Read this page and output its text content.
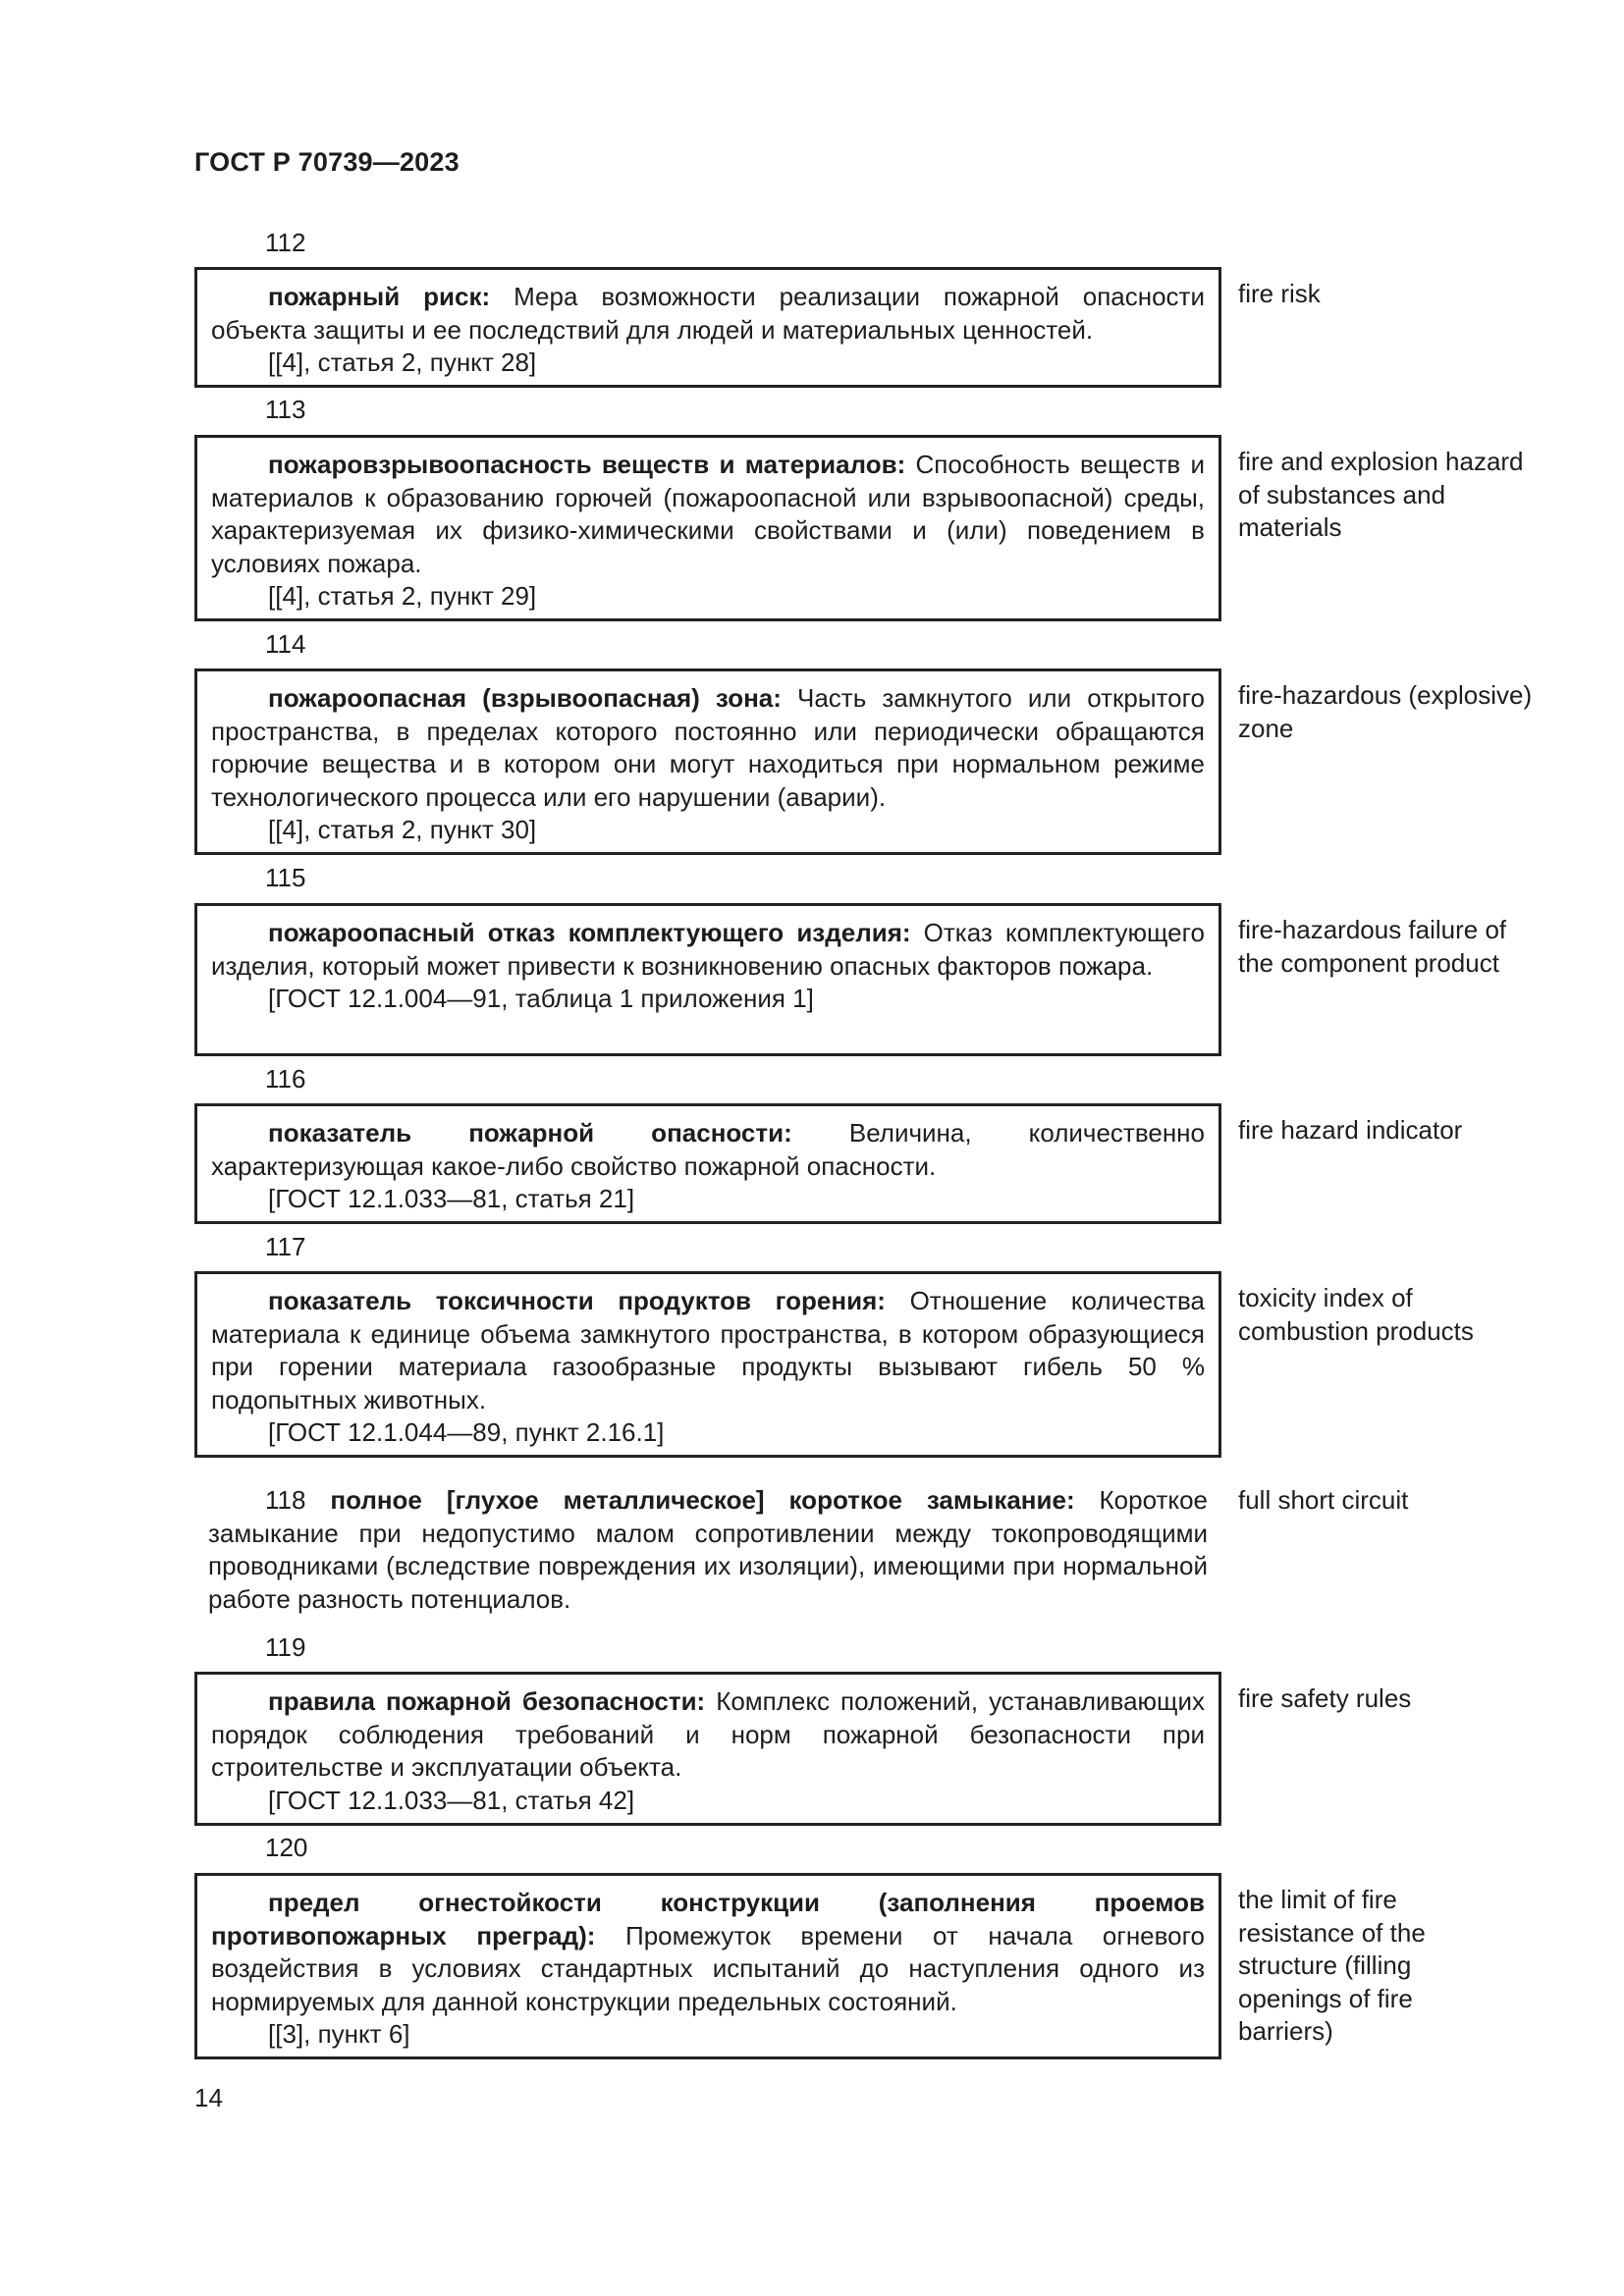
ГОСТ Р 70739—2023
112

пожарный риск: Мера возможности реализации пожарной опасности объекта защиты и ее последствий для людей и материальных ценностей.

[[4], статья 2, пункт 28]

fire risk
113

пожаровзрывоопасность веществ и материалов: Способность веществ и материалов к образованию горючей (пожароопасной или взрывоопасной) среды, характеризуемая их физико-химическими свойствами и (или) поведением в условиях пожара.

[[4], статья 2, пункт 29]

fire and explosion hazard of substances and materials
114

пожароопасная (взрывоопасная) зона: Часть замкнутого или открытого пространства, в пределах которого постоянно или периодически обращаются горючие вещества и в котором они могут находиться при нормальном режиме технологического процесса или его нарушении (аварии).

[[4], статья 2, пункт 30]

fire-hazardous (explosive) zone
115

пожароопасный отказ комплектующего изделия: Отказ комплектующего изделия, который может привести к возникновению опасных факторов пожара.

[ГОСТ 12.1.004—91, таблица 1 приложения 1]

fire-hazardous failure of the component product
116

показатель пожарной опасности: Величина, количественно характеризующая какое-либо свойство пожарной опасности.

[ГОСТ 12.1.033—81, статья 21]

fire hazard indicator
117

показатель токсичности продуктов горения: Отношение количества материала к единице объема замкнутого пространства, в котором образующиеся при горении материала газообразные продукты вызывают гибель 50 % подопытных животных.

[ГОСТ 12.1.044—89, пункт 2.16.1]

toxicity index of combustion products

118 полное [глухое металлическое] короткое замыкание: Короткое замыкание при недопустимо малом сопротивлении между токопроводящими проводниками (вследствие повреждения их изоляции), имеющими при нормальной работе разность потенциалов.

full short circuit
119

правила пожарной безопасности: Комплекс положений, устанавливающих порядок соблюдения требований и норм пожарной безопасности при строительстве и эксплуатации объекта.

[ГОСТ 12.1.033—81, статья 42]

fire safety rules
120

предел огнестойкости конструкции (заполнения проемов противопожарных преград): Промежуток времени от начала огневого воздействия в условиях стандартных испытаний до наступления одного из нормируемых для данной конструкции предельных состояний.

[[3], пункт 6]

the limit of fire resistance of the structure (filling openings of fire barriers)
14
